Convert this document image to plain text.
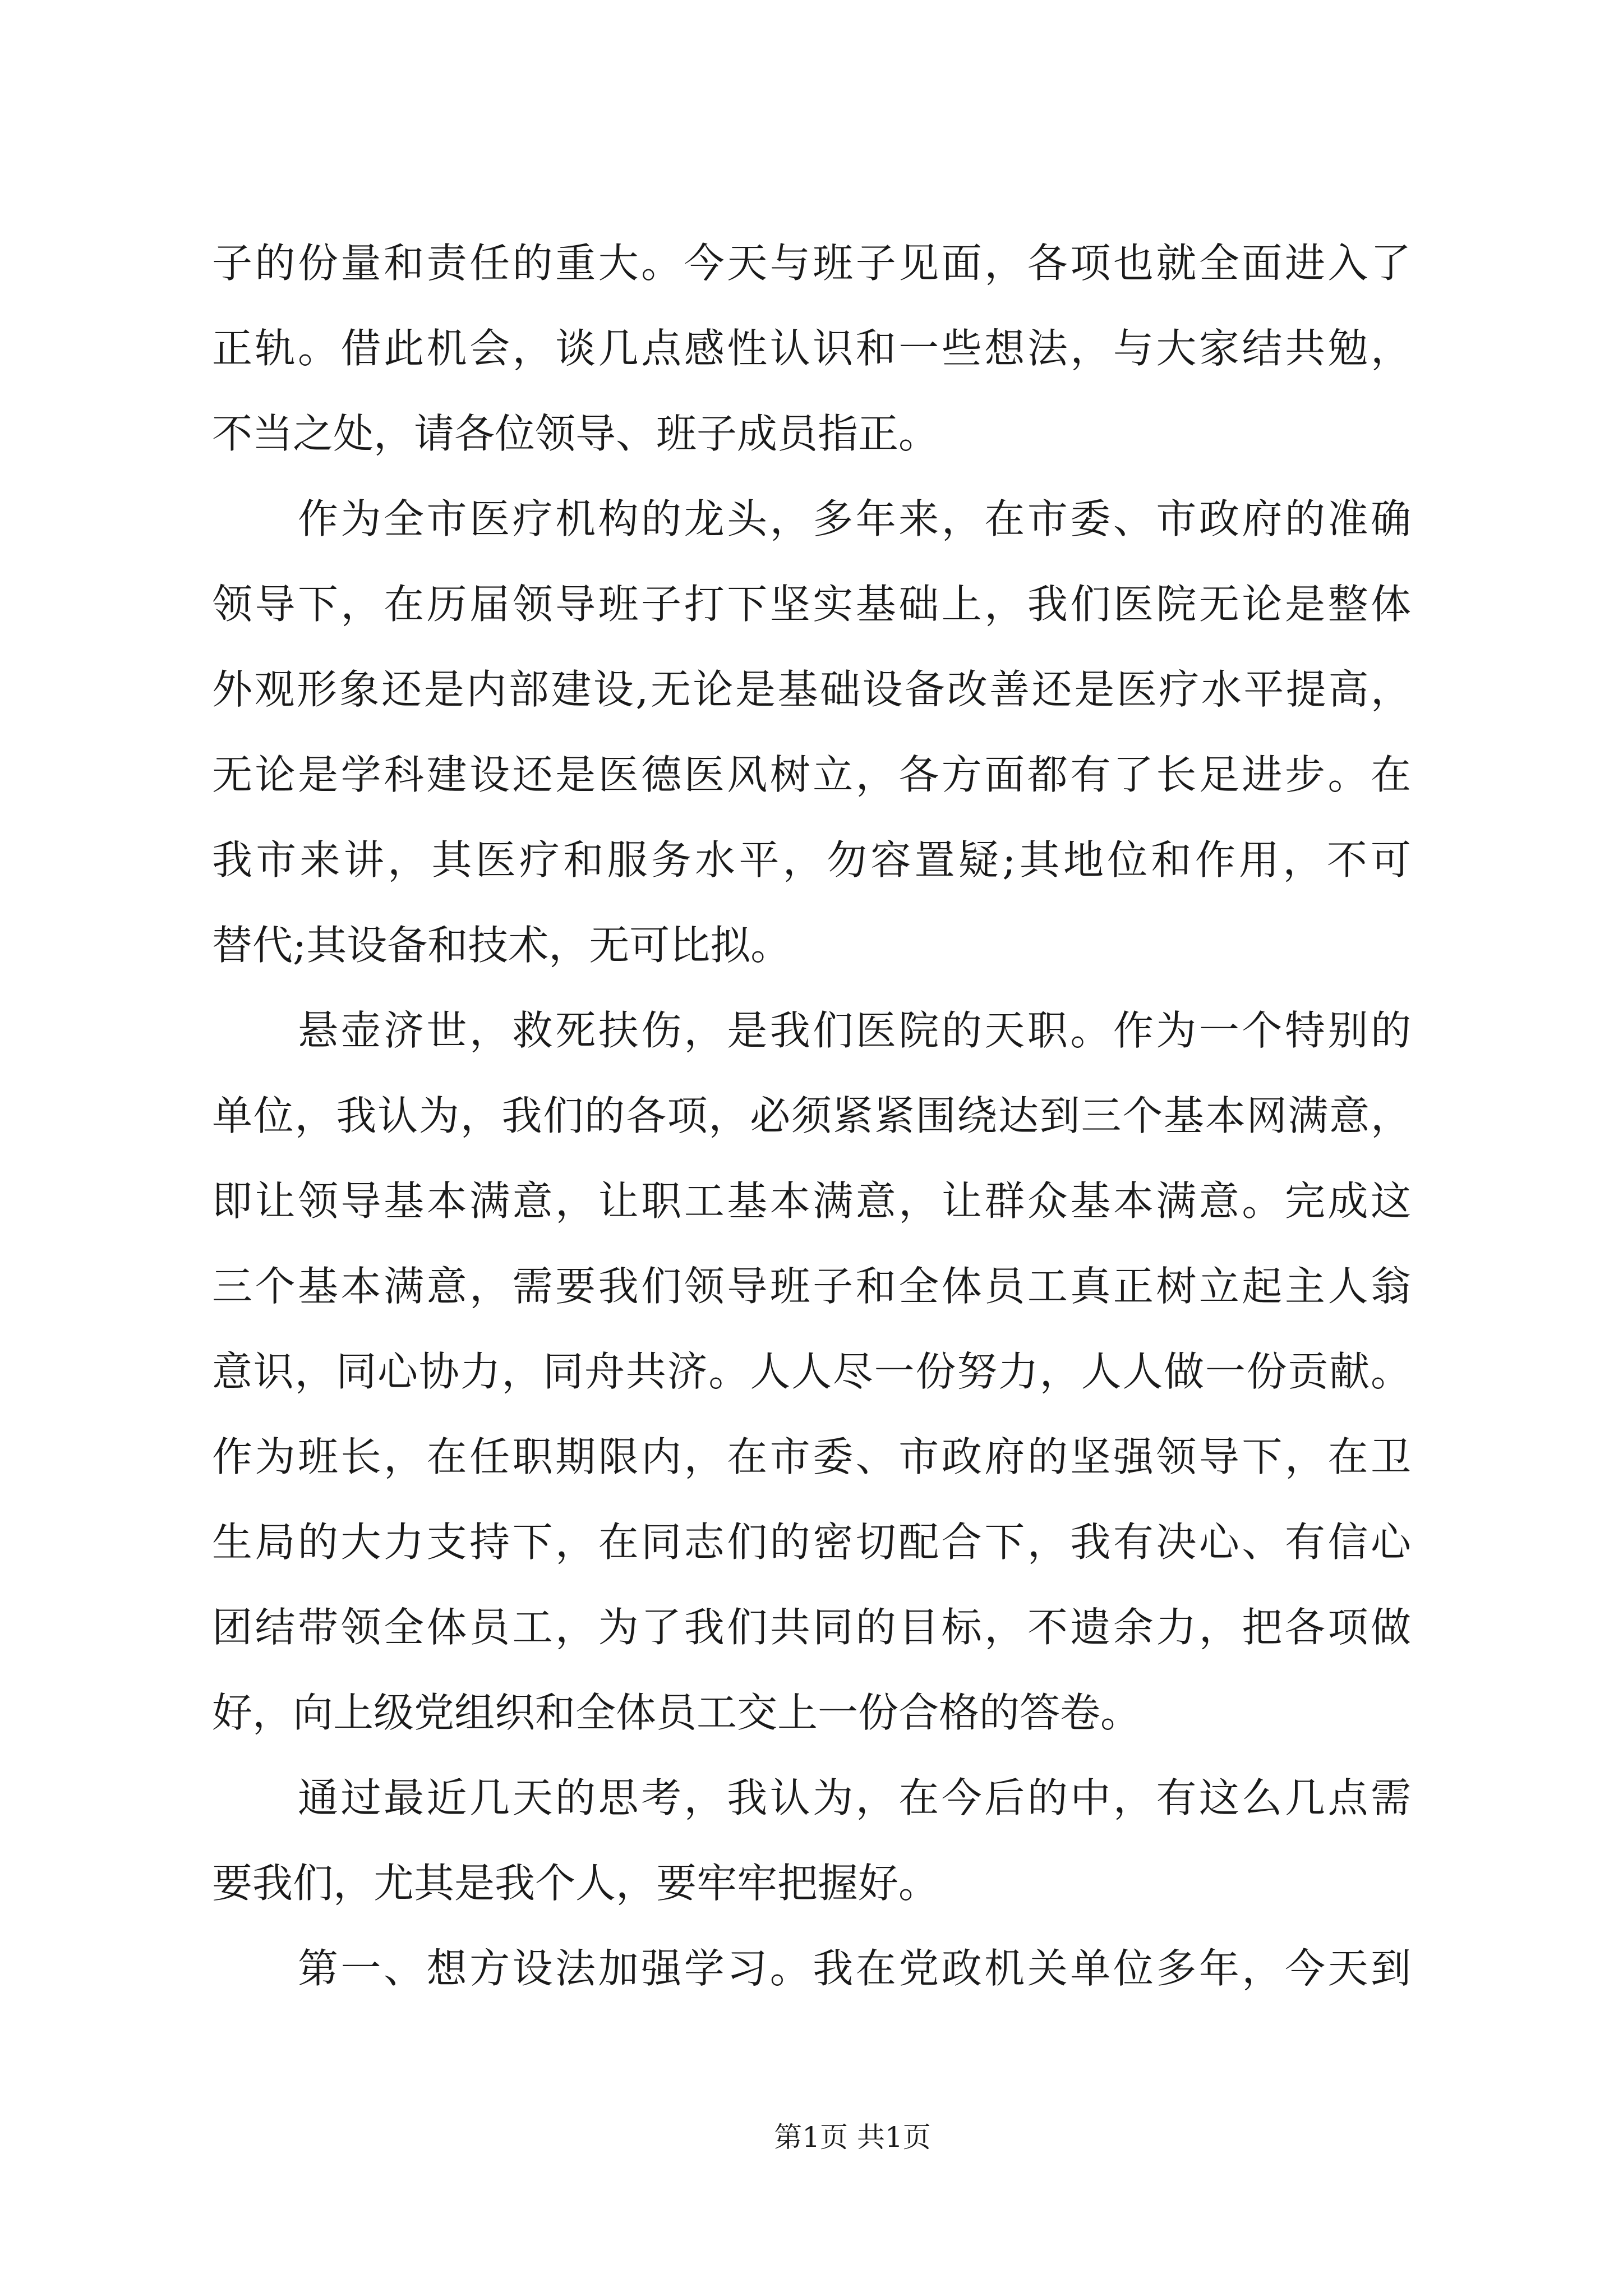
子的份量和责任的重大。今天与班子见面，各项也就全面进入了
正轨。借此机会，谈几点感性认识和一些想法，与大家结共勉，
不当之处，请各位领导、班子成员指正。
作为全市医疗机构的龙头，多年来，在市委、市政府的准确
领导下，在历届领导班子打下坚实基础上，我们医院无论是整体
外观形象还是内部建设,无论是基础设备改善还是医疗水平提高，
无论是学科建设还是医德医风树立，各方面都有了长足进步。在
我市来讲，其医疗和服务水平，勿容置疑;其地位和作用，不可
替代;其设备和技术，无可比拟。
悬壶济世，救死扶伤，是我们医院的天职。作为一个特别的
单位，我认为，我们的各项，必须紧紧围绕达到三个基本网满意，
即让领导基本满意，让职工基本满意，让群众基本满意。完成这
三个基本满意，需要我们领导班子和全体员工真正树立起主人翁
意识，同心协力，同舟共济。人人尽一份努力，人人做一份贡献。
作为班长，在任职期限内，在市委、市政府的坚强领导下，在卫
生局的大力支持下，在同志们的密切配合下，我有决心、有信心
团结带领全体员工，为了我们共同的目标，不遗余力，把各项做
好，向上级党组织和全体员工交上一份合格的答卷。
通过最近几天的思考，我认为，在今后的中，有这么几点需
要我们，尤其是我个人，要牢牢把握好。
第一、想方设法加强学习。我在党政机关单位多年，今天到
第1页 共1页
